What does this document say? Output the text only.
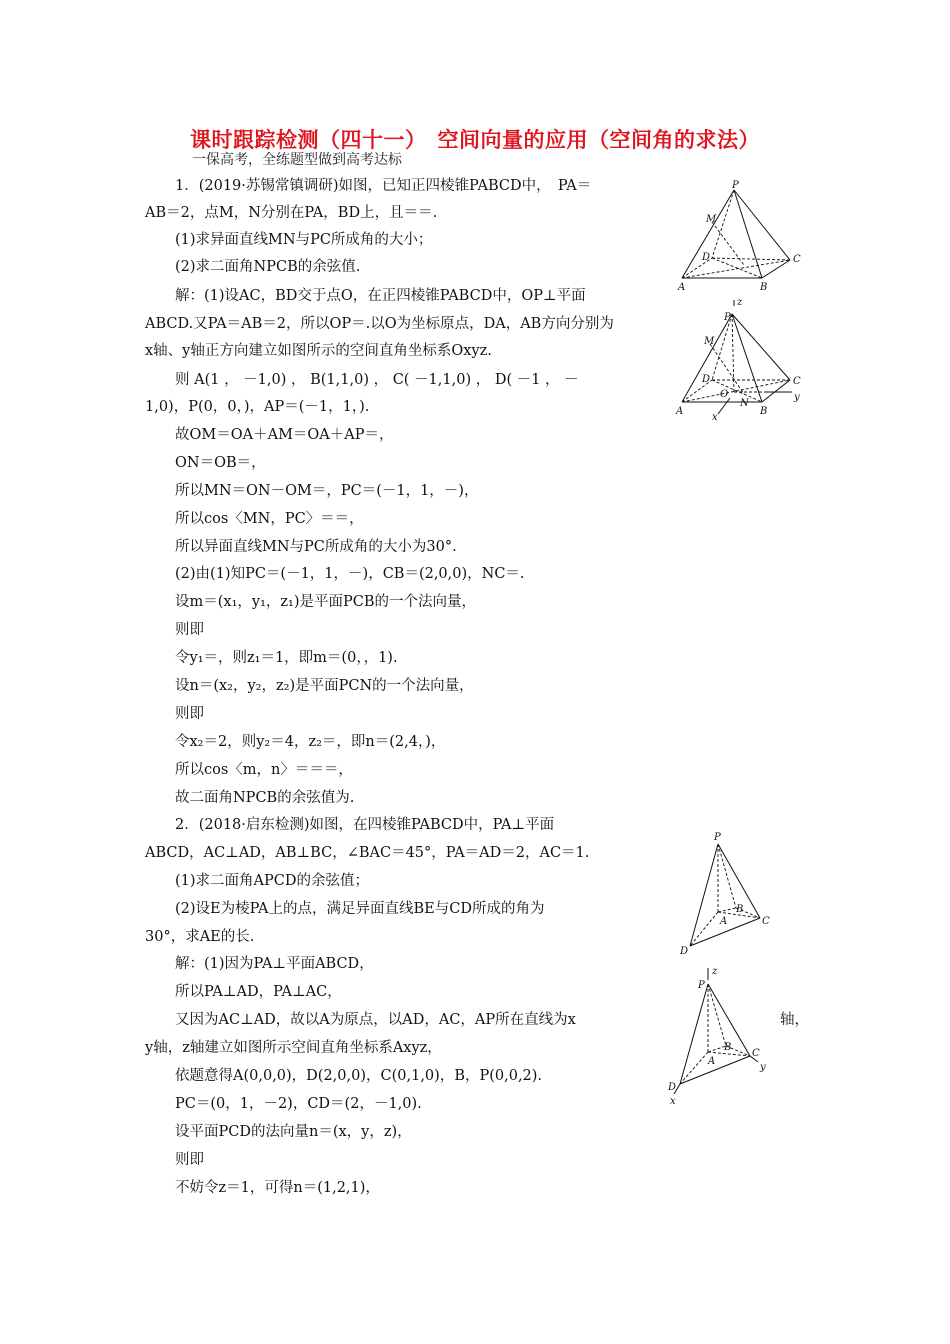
课时跟踪检测（四十一）　空间向量的应用（空间角的求法）
一保高考，全练题型做到高考达标
1．(2019·苏锡常镇调研)如图，已知正四棱锥PABCD中，　PA＝
AB＝2，点M，N分别在PA，BD上，且＝＝.
(1)求异面直线MN与PC所成角的大小；
(2)求二面角NPCB的余弦值.
解：(1)设AC，BD交于点O，在正四棱锥PABCD中，OP⊥平面
ABCD.又PA＝AB＝2，所以OP＝.以O为坐标原点，DA，AB方向分别为
x轴、y轴正方向建立如图所示的空间直角坐标系Oxyz.
则 A(1 ， －1,0) ， B(1,1,0) ， C( －1,1,0) ， D( －1 ， －
1,0)，P(0，0，)，AP＝(－1，1，).
故OM＝OA＋AM＝OA＋AP＝，
ON＝OB＝，
所以MN＝ON－OM＝，PC＝(－1，1，－)，
所以cos〈MN，PC〉＝＝，
所以异面直线MN与PC所成角的大小为30°.
(2)由(1)知PC＝(－1，1，－)，CB＝(2,0,0)，NC＝.
设m＝(x₁，y₁，z₁)是平面PCB的一个法向量，
则即
令y₁＝，则z₁＝1，即m＝(0，，1).
设n＝(x₂，y₂，z₂)是平面PCN的一个法向量，
则即
令x₂＝2，则y₂＝4，z₂＝，即n＝(2,4，)，
所以cos〈m，n〉＝＝＝，
故二面角NPCB的余弦值为.
2．(2018·启东检测)如图，在四棱锥PABCD中，PA⊥平面
ABCD，AC⊥AD，AB⊥BC，∠BAC＝45°，PA＝AD＝2，AC＝1.
(1)求二面角APCD的余弦值；
(2)设E为棱PA上的点，满足异面直线BE与CD所成的角为
30°，求AE的长.
解：(1)因为PA⊥平面ABCD，
所以PA⊥AD，PA⊥AC，
又因为AC⊥AD，故以A为原点，以AD，AC，AP所在直线为x	轴，
y轴，z轴建立如图所示空间直角坐标系Axyz，
依题意得A(0,0,0)，D(2,0,0)，C(0,1,0)，B，P(0,0,2).
PC＝(0，1，－2)，CD＝(2，－1,0).
设平面PCD的法向量n＝(x，y，z)，
则即
不妨令z＝1，可得n＝(1,2,1)，
P
M
D	C
A	B
z
P
M
D	C
O
N
y
A
x
B
P
A
B
C
D
z
P
A
B
C
y
D
x
